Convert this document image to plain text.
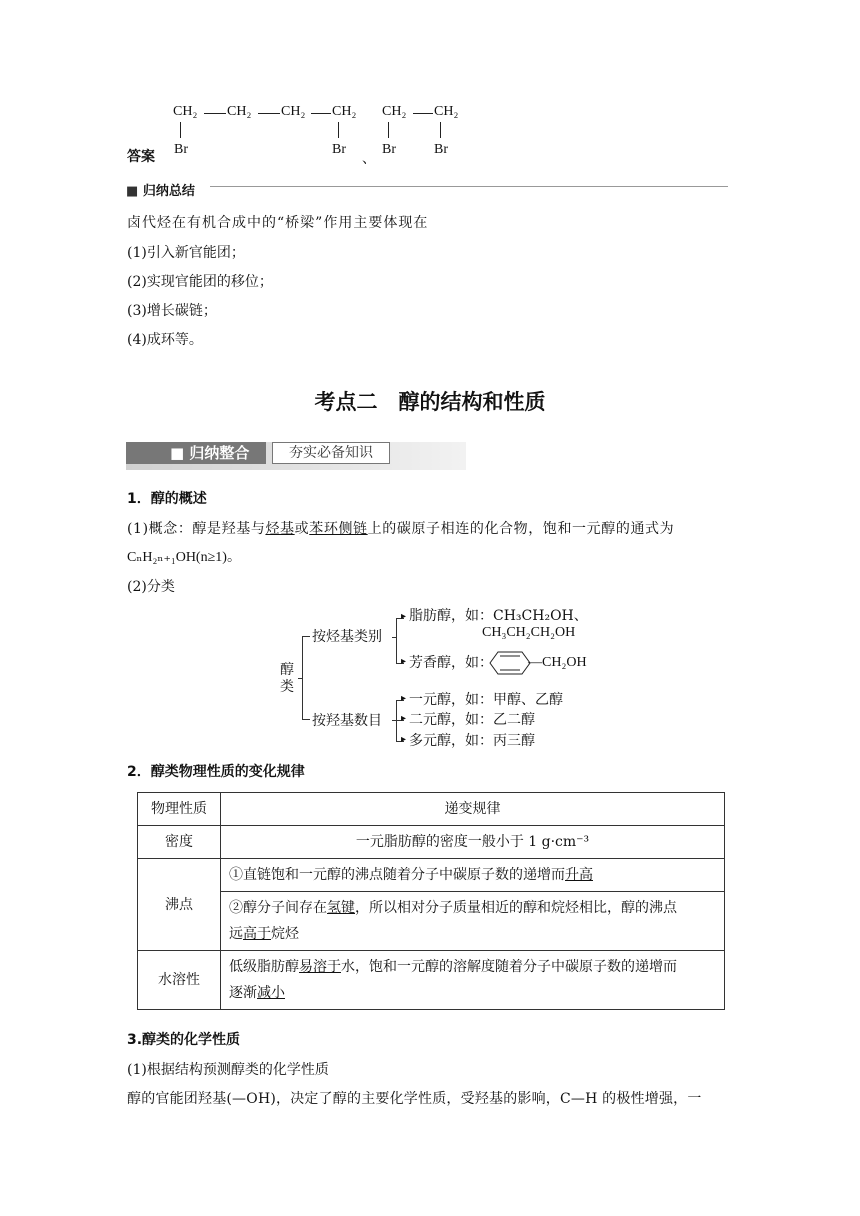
答案
CH₂ CH₂ CH₂ CH₂
Br	Br
、
CH₂ CH₂
Br	Br
■ 归纳总结
卤代烃在有机合成中的“桥梁”作用主要体现在
(1)引入新官能团；
(2)实现官能团的移位；
(3)增长碳链；
(4)成环等。
考点二　醇的结构和性质
■ 归纳整合	夯实必备知识
1．醇的概述
(1)概念：醇是羟基与烃基或苯环侧链上的碳原子相连的化合物，饱和一元醇的通式为
CₙH₂ₙ₊₁OH(n≥1)。
(2)分类
醇类
按烃基类别
按羟基数目
▸
▸
脂肪醇，如：CH₃CH₂OH、
CH₃CH₂CH₂OH
芳香醇，如：	—CH₂OH
▸
▸
▸
一元醇，如：甲醇、乙醇
二元醇，如：乙二醇
多元醇，如：丙三醇
2．醇类物理性质的变化规律
物理性质	递变规律
密度	一元脂肪醇的密度一般小于 1 g·cm⁻³
沸点	①直链饱和一元醇的沸点随着分子中碳原子数的递增而升高
	②醇分子间存在氢键，所以相对分子质量相近的醇和烷烃相比，醇的沸点
远高于烷烃
水溶性	低级脂肪醇易溶于水，饱和一元醇的溶解度随着分子中碳原子数的递增而
逐渐减小
3.醇类的化学性质
(1)根据结构预测醇类的化学性质
醇的官能团羟基(—OH)，决定了醇的主要化学性质，受羟基的影响，C—H 的极性增强，一
